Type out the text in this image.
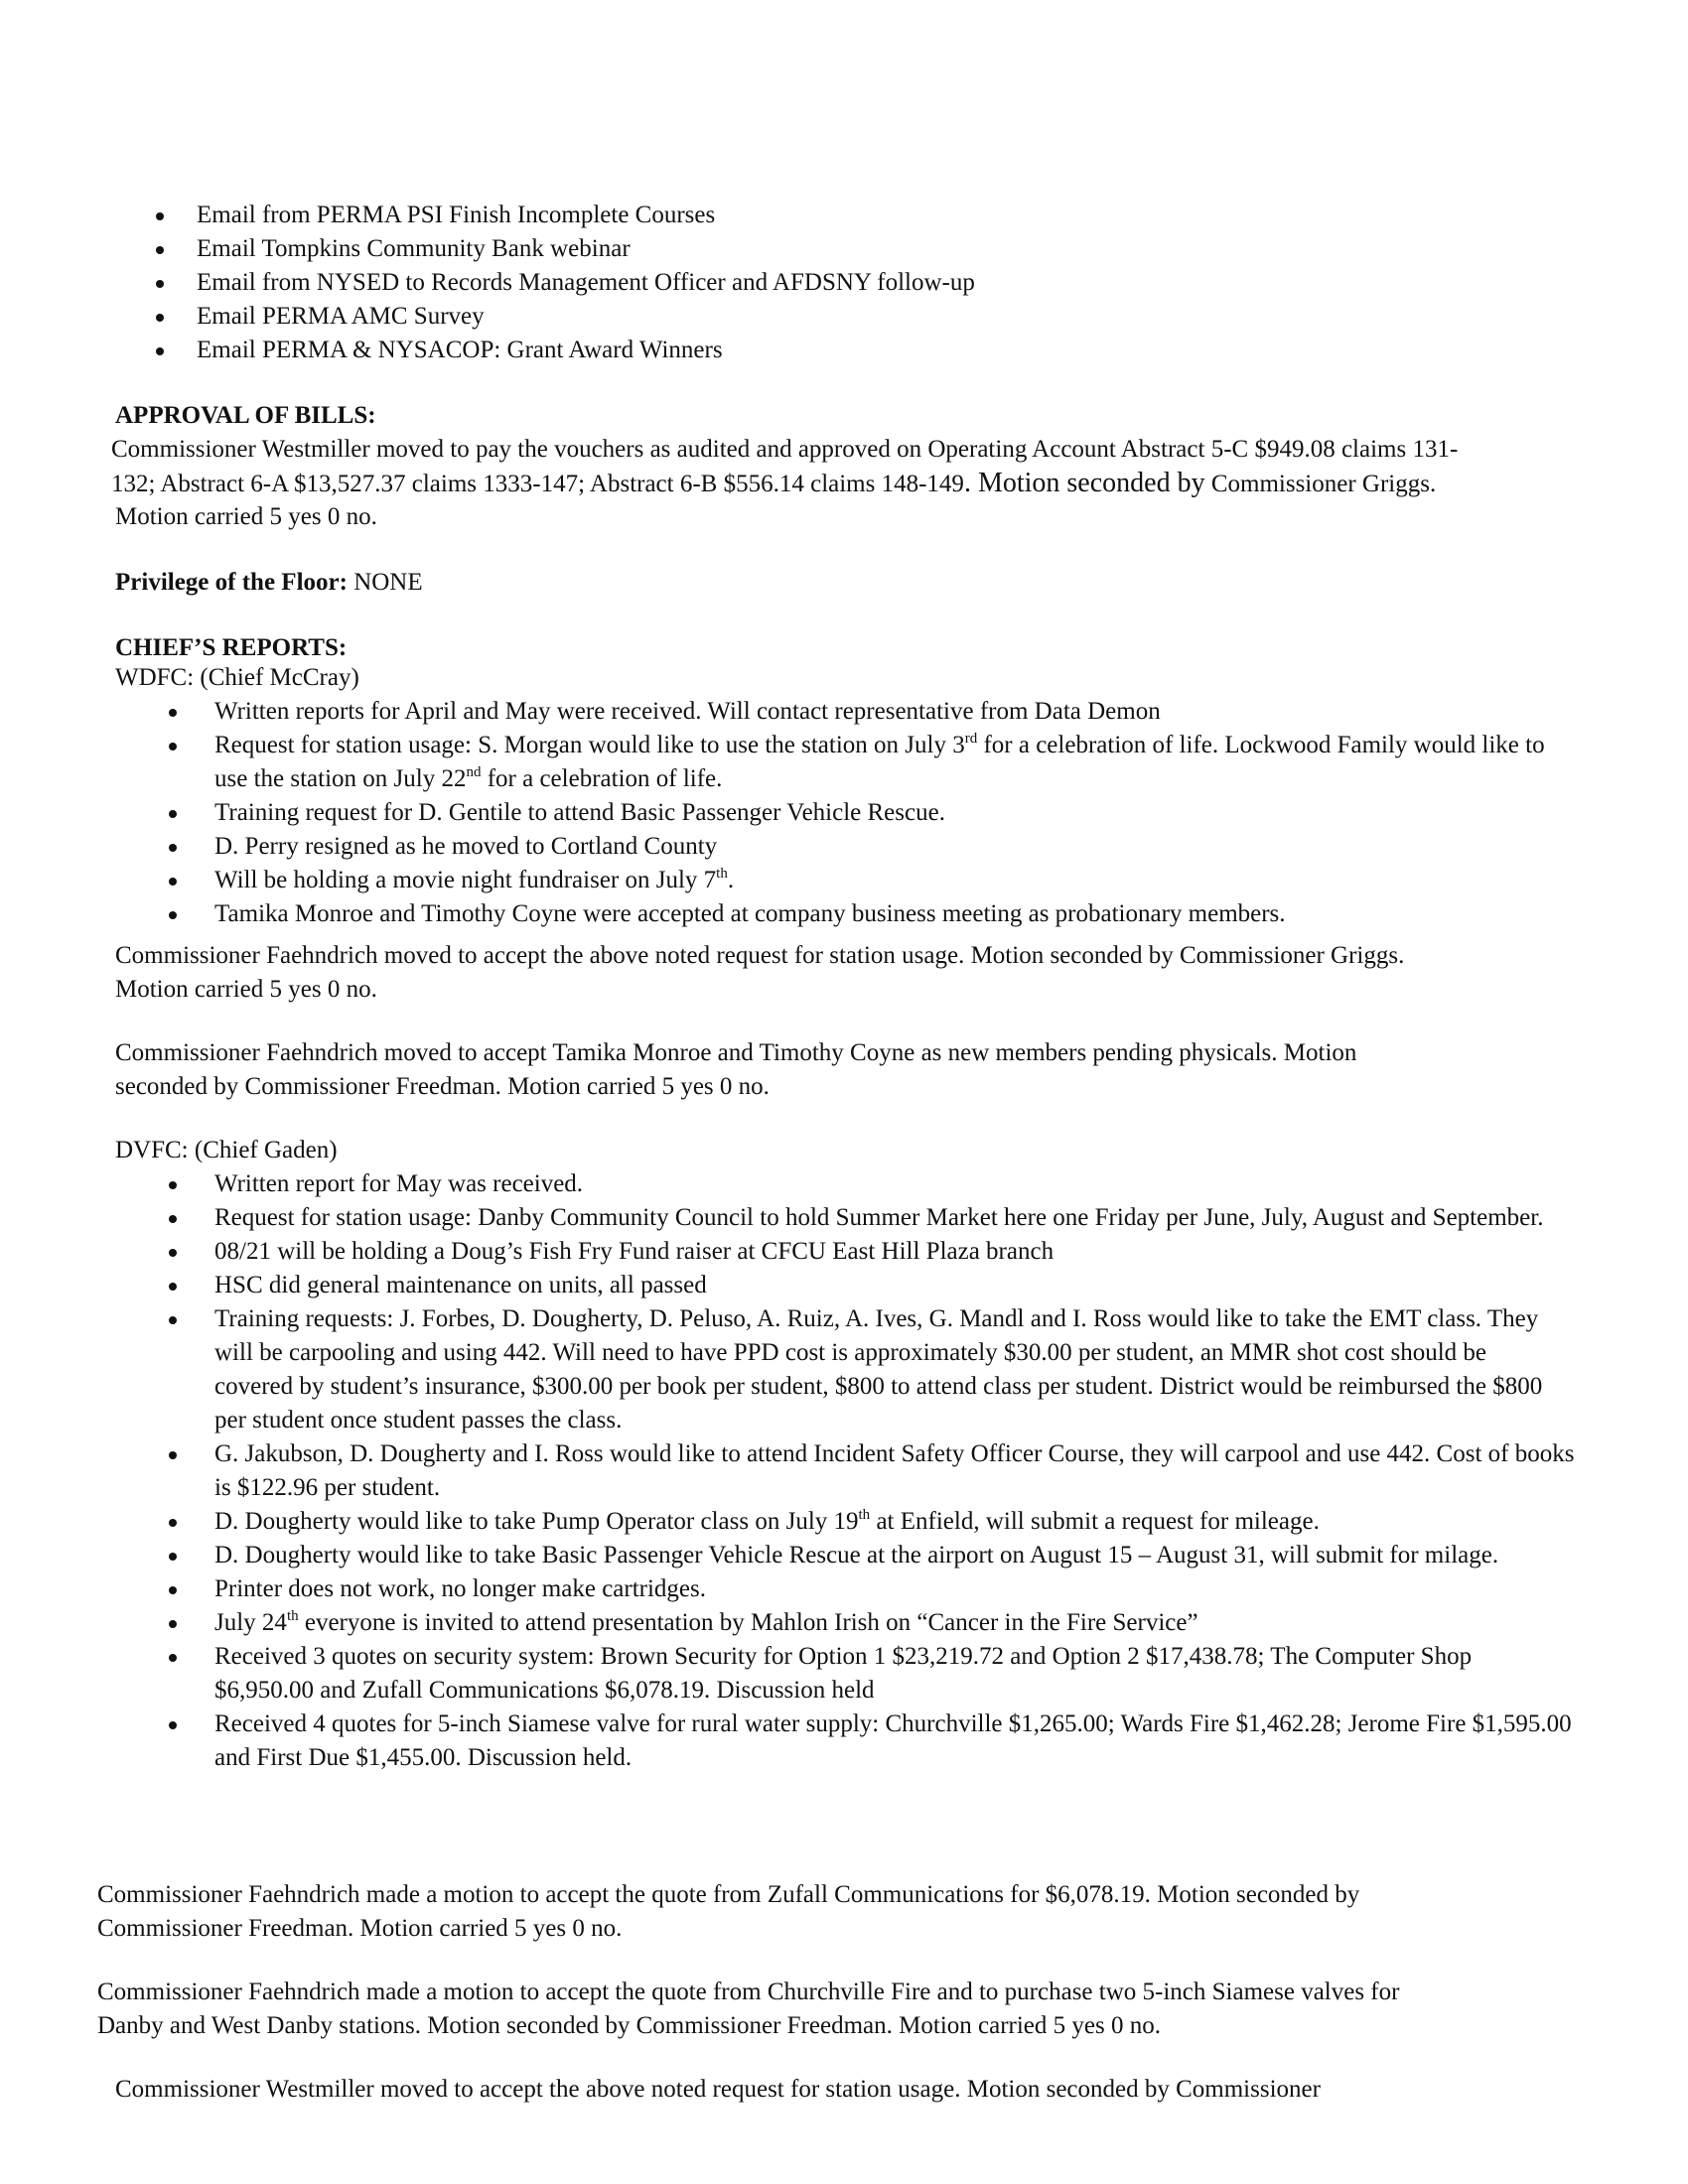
Email from PERMA PSI Finish Incomplete Courses
Email Tompkins Community Bank webinar
Email from NYSED to Records Management Officer and AFDSNY follow-up
Email PERMA AMC Survey
Email PERMA & NYSACOP: Grant Award Winners

APPROVAL OF BILLS:

Commissioner Westmiller moved to pay the vouchers as audited and approved on Operating Account Abstract 5-C $949.08 claims 131-

132; Abstract 6-A $13,527.37 claims 1333-147; Abstract 6-B $556.14 claims 148-149. Motion seconded by Commissioner Griggs.

Motion carried 5 yes 0 no.

Privilege of the Floor: NONE

CHIEF’S REPORTS:

WDFC: (Chief McCray)

Written reports for April and May were received. Will contact representative from Data Demon
Request for station usage: S. Morgan would like to use the station on July 3rd for a celebration of life. Lockwood Family would like to use the station on July 22nd for a celebration of life.
Training request for D. Gentile to attend Basic Passenger Vehicle Rescue.
D. Perry resigned as he moved to Cortland County
Will be holding a movie night fundraiser on July 7th.
Tamika Monroe and Timothy Coyne were accepted at company business meeting as probationary members.

Commissioner Faehndrich moved to accept the above noted request for station usage. Motion seconded by Commissioner Griggs.

Motion carried 5 yes 0 no.

Commissioner Faehndrich moved to accept Tamika Monroe and Timothy Coyne as new members pending physicals. Motion

seconded by Commissioner Freedman. Motion carried 5 yes 0 no.

DVFC: (Chief Gaden)

Written report for May was received.
Request for station usage: Danby Community Council to hold Summer Market here one Friday per June, July, August and September.
08/21 will be holding a Doug’s Fish Fry Fund raiser at CFCU East Hill Plaza branch
HSC did general maintenance on units, all passed
Training requests: J. Forbes, D. Dougherty, D. Peluso, A. Ruiz, A. Ives, G. Mandl and I. Ross would like to take the EMT class. They will be carpooling and using 442. Will need to have PPD cost is approximately $30.00 per student, an MMR shot cost should be covered by student’s insurance, $300.00 per book per student, $800 to attend class per student. District would be reimbursed the $800 per student once student passes the class.
G. Jakubson, D. Dougherty and I. Ross would like to attend Incident Safety Officer Course, they will carpool and use 442. Cost of books is $122.96 per student.
D. Dougherty would like to take Pump Operator class on July 19th at Enfield, will submit a request for mileage.
D. Dougherty would like to take Basic Passenger Vehicle Rescue at the airport on August 15 – August 31, will submit for milage.
Printer does not work, no longer make cartridges.
July 24th everyone is invited to attend presentation by Mahlon Irish on “Cancer in the Fire Service”
Received 3 quotes on security system: Brown Security for Option 1 $23,219.72 and Option 2 $17,438.78; The Computer Shop $6,950.00 and Zufall Communications $6,078.19. Discussion held
Received 4 quotes for 5-inch Siamese valve for rural water supply: Churchville $1,265.00; Wards Fire $1,462.28; Jerome Fire $1,595.00 and First Due $1,455.00. Discussion held.

Commissioner Faehndrich made a motion to accept the quote from Zufall Communications for $6,078.19. Motion seconded by

Commissioner Freedman. Motion carried 5 yes 0 no.

Commissioner Faehndrich made a motion to accept the quote from Churchville Fire and to purchase two 5-inch Siamese valves for

Danby and West Danby stations. Motion seconded by Commissioner Freedman. Motion carried 5 yes 0 no.

Commissioner Westmiller moved to accept the above noted request for station usage. Motion seconded by Commissioner
